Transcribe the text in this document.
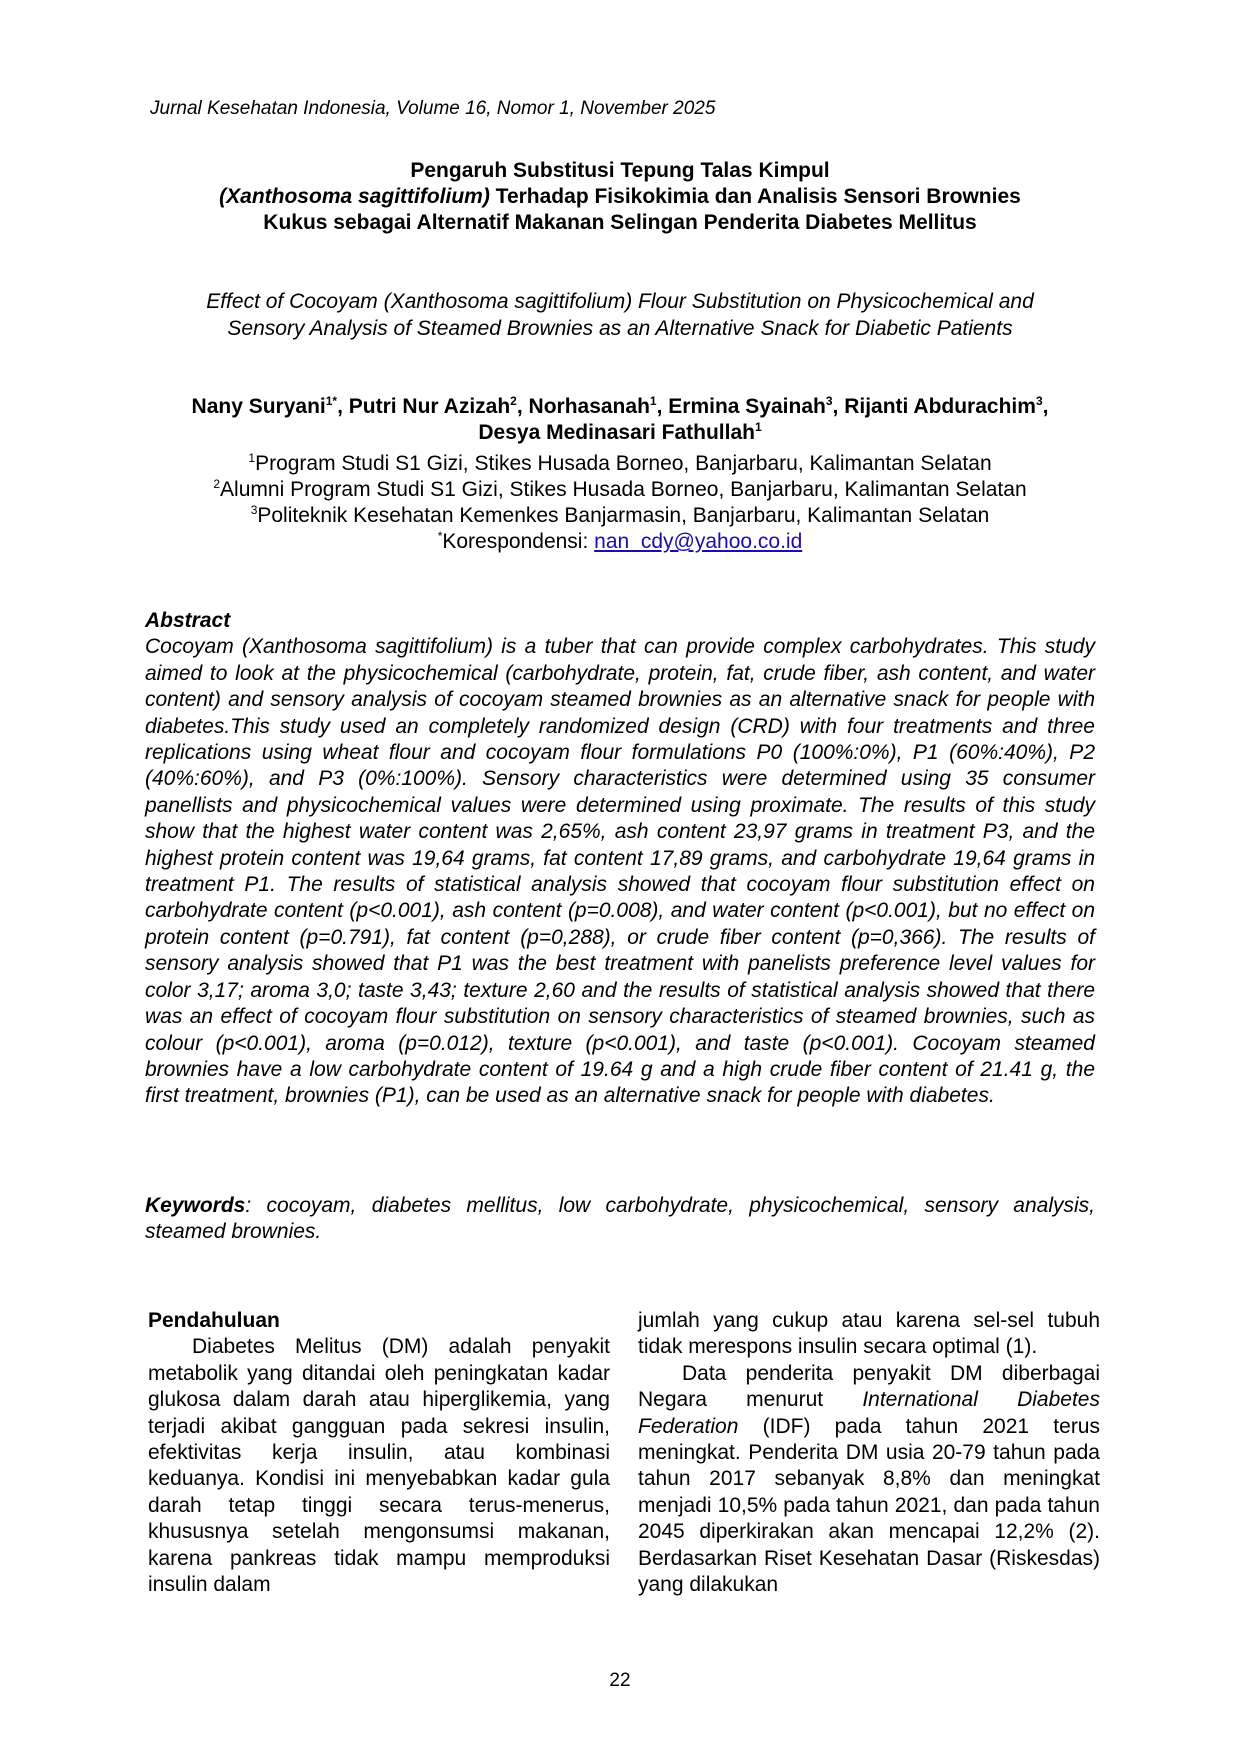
Jurnal Kesehatan Indonesia, Volume 16, Nomor 1, November 2025
Pengaruh Substitusi Tepung Talas Kimpul
(Xanthosoma sagittifolium) Terhadap Fisikokimia dan Analisis Sensori Brownies
Kukus sebagai Alternatif Makanan Selingan Penderita Diabetes Mellitus
Effect of Cocoyam (Xanthosoma sagittifolium) Flour Substitution on Physicochemical and
Sensory Analysis of Steamed Brownies as an Alternative Snack for Diabetic Patients
Nany Suryani$^{1*}$, Putri Nur Azizah$^2$, Norhasanah$^1$, Ermina Syainah$^3$, Rijanti Abdurachim$^3$,
Desya Medinasari Fathullah$^1$
$^1$Program Studi S1 Gizi, Stikes Husada Borneo, Banjarbaru, Kalimantan Selatan
$^2$Alumni Program Studi S1 Gizi, Stikes Husada Borneo, Banjarbaru, Kalimantan Selatan
$^3$Politeknik Kesehatan Kemenkes Banjarmasin, Banjarbaru, Kalimantan Selatan
*Korespondensi: nan_cdy@yahoo.co.id
Abstract
Cocoyam (Xanthosoma sagittifolium) is a tuber that can provide complex carbohydrates. This study aimed to look at the physicochemical (carbohydrate, protein, fat, crude fiber, ash content, and water content) and sensory analysis of cocoyam steamed brownies as an alternative snack for people with diabetes.This study used an completely randomized design (CRD) with four treatments and three replications using wheat flour and cocoyam flour formulations P0 (100%:0%), P1 (60%:40%), P2 (40%:60%), and P3 (0%:100%). Sensory characteristics were determined using 35 consumer panellists and physicochemical values were determined using proximate. The results of this study show that the highest water content was 2,65%, ash content 23,97 grams in treatment P3, and the highest protein content was 19,64 grams, fat content 17,89 grams, and carbohydrate 19,64 grams in treatment P1. The results of statistical analysis showed that cocoyam flour substitution effect on carbohydrate content (p<0.001), ash content (p=0.008), and water content (p<0.001), but no effect on protein content (p=0.791), fat content (p=0,288), or crude fiber content (p=0,366). The results of sensory analysis showed that P1 was the best treatment with panelists preference level values for color 3,17; aroma 3,0; taste 3,43; texture 2,60 and the results of statistical analysis showed that there was an effect of cocoyam flour substitution on sensory characteristics of steamed brownies, such as colour (p<0.001), aroma (p=0.012), texture (p<0.001), and taste (p<0.001). Cocoyam steamed brownies have a low carbohydrate content of 19.64 g and a high crude fiber content of 21.41 g, the first treatment, brownies (P1), can be used as an alternative snack for people with diabetes.
Keywords: cocoyam, diabetes mellitus, low carbohydrate, physicochemical, sensory analysis, steamed brownies.
Pendahuluan

Diabetes Melitus (DM) adalah penyakit metabolik yang ditandai oleh peningkatan kadar glukosa dalam darah atau hiperglikemia, yang terjadi akibat gangguan pada sekresi insulin, efektivitas kerja insulin, atau kombinasi keduanya. Kondisi ini menyebabkan kadar gula darah tetap tinggi secara terus-menerus, khususnya setelah mengonsumsi makanan, karena pankreas tidak mampu memproduksi insulin dalam

jumlah yang cukup atau karena sel-sel tubuh tidak merespons insulin secara optimal (1).

Data penderita penyakit DM diberbagai Negara menurut International Diabetes Federation (IDF) pada tahun 2021 terus meningkat. Penderita DM usia 20-79 tahun pada tahun 2017 sebanyak 8,8% dan meningkat menjadi 10,5% pada tahun 2021, dan pada tahun 2045 diperkirakan akan mencapai 12,2% (2). Berdasarkan Riset Kesehatan Dasar (Riskesdas) yang dilakukan

22
